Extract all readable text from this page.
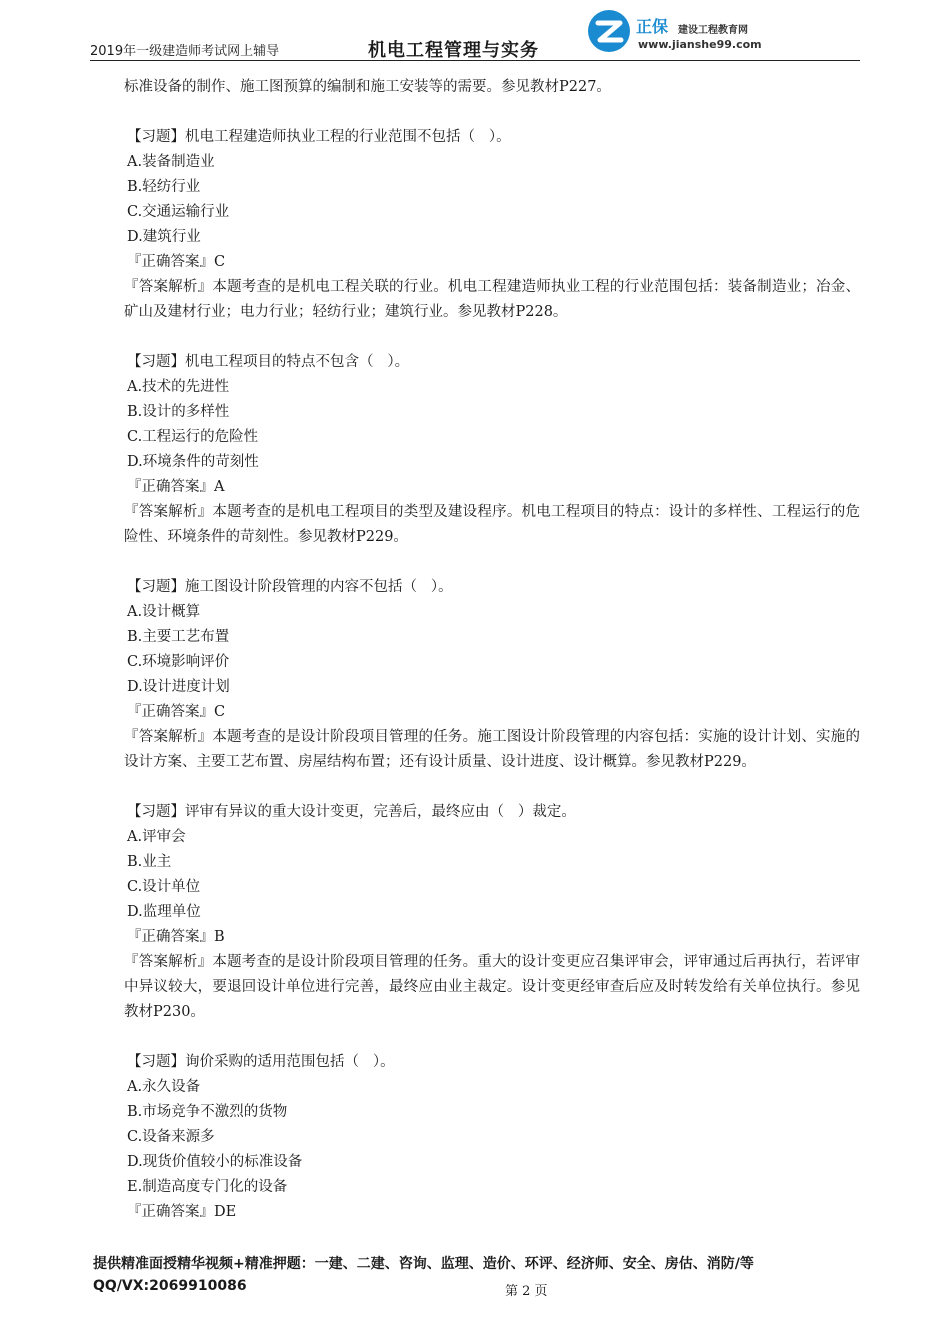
2019年一级建造师考试网上辅导	机电工程管理与实务
正保 建设工程教育网
www.jianshe99.com
标准设备的制作、施工图预算的编制和施工安装等的需要。参见教材P227。
【习题】机电工程建造师执业工程的行业范围不包括（   ）。
A.装备制造业
B.轻纺行业
C.交通运输行业
D.建筑行业
『正确答案』C
『答案解析』本题考查的是机电工程关联的行业。机电工程建造师执业工程的行业范围包括：装备制造业；冶金、矿山及建材行业；电力行业；轻纺行业；建筑行业。参见教材P228。
【习题】机电工程项目的特点不包含（   ）。
A.技术的先进性
B.设计的多样性
C.工程运行的危险性
D.环境条件的苛刻性
『正确答案』A
『答案解析』本题考查的是机电工程项目的类型及建设程序。机电工程项目的特点：设计的多样性、工程运行的危险性、环境条件的苛刻性。参见教材P229。
【习题】施工图设计阶段管理的内容不包括（   ）。
A.设计概算
B.主要工艺布置
C.环境影响评价
D.设计进度计划
『正确答案』C
『答案解析』本题考查的是设计阶段项目管理的任务。施工图设计阶段管理的内容包括：实施的设计计划、实施的设计方案、主要工艺布置、房屋结构布置；还有设计质量、设计进度、设计概算。参见教材P229。
【习题】评审有异议的重大设计变更，完善后，最终应由（   ）裁定。
A.评审会
B.业主
C.设计单位
D.监理单位
『正确答案』B
『答案解析』本题考查的是设计阶段项目管理的任务。重大的设计变更应召集评审会，评审通过后再执行，若评审中异议较大，要退回设计单位进行完善，最终应由业主裁定。设计变更经审查后应及时转发给有关单位执行。参见教材P230。
【习题】询价采购的适用范围包括（   ）。
A.永久设备
B.市场竞争不激烈的货物
C.设备来源多
D.现货价值较小的标准设备
E.制造高度专门化的设备
『正确答案』DE
提供精准面授精华视频+精准押题：一建、二建、咨询、监理、造价、环评、经济师、安全、房估、消防/等
QQ/VX:2069910086	第 2 页
